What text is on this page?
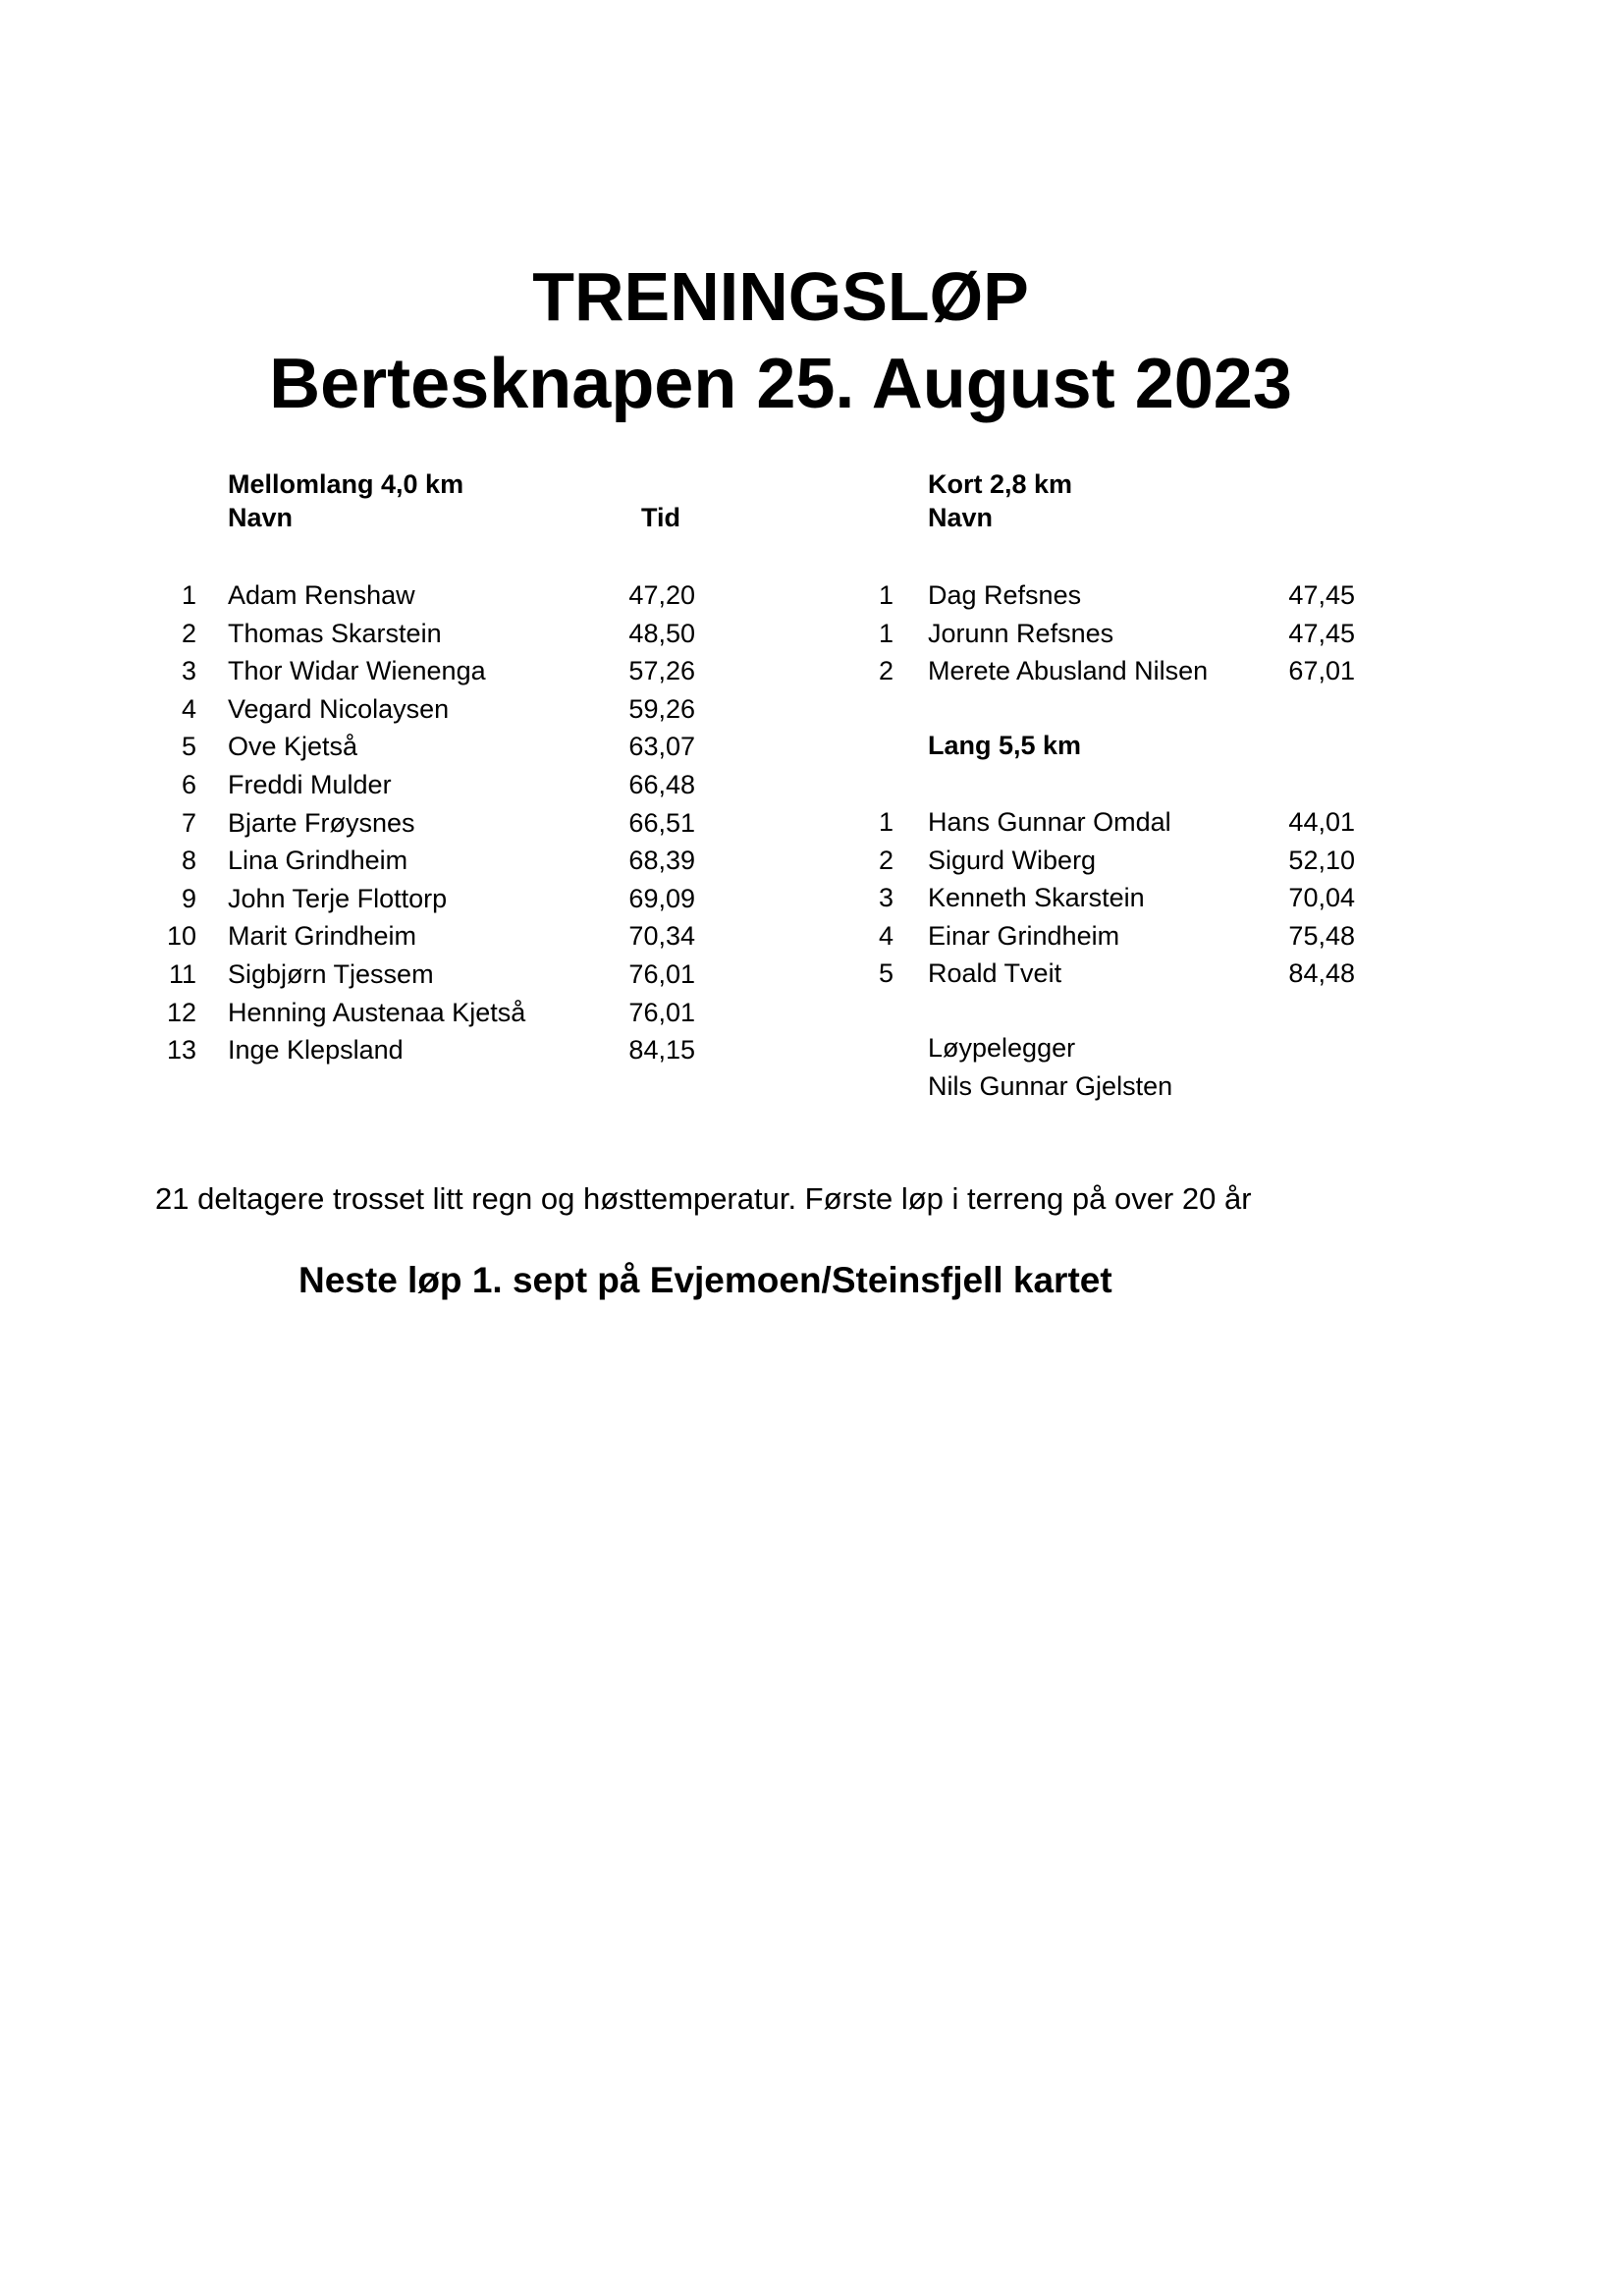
TRENINGSLØP
Bertesknapen 25. August 2023
Mellomlang 4,0 km
Navn	Tid
1 Adam Renshaw	47,20
2 Thomas Skarstein	48,50
3 Thor Widar Wienenga	57,26
4 Vegard Nicolaysen	59,26
5 Ove Kjetså	63,07
6 Freddi Mulder	66,48
7 Bjarte Frøysnes	66,51
8 Lina Grindheim	68,39
9 John Terje Flottorp	69,09
10 Marit Grindheim	70,34
11 Sigbjørn Tjessem	76,01
12 Henning Austenaa Kjetså	76,01
13 Inge Klepsland	84,15
Kort 2,8 km
Navn
1 Dag Refsnes	47,45
1 Jorunn Refsnes	47,45
2 Merete Abusland Nilsen	67,01
Lang 5,5 km
1 Hans Gunnar Omdal	44,01
2 Sigurd Wiberg	52,10
3 Kenneth Skarstein	70,04
4 Einar Grindheim	75,48
5 Roald Tveit	84,48
Løypelegger
Nils Gunnar Gjelsten
21 deltagere trosset litt regn og høsttemperatur. Første løp i terreng på over 20 år
Neste løp 1. sept på Evjemoen/Steinsfjell kartet
